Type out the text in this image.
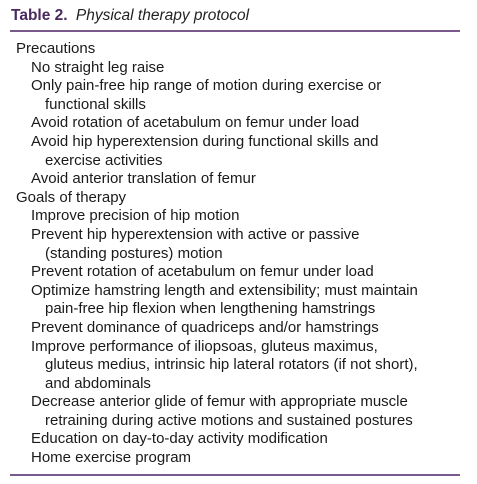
Table 2. Physical therapy protocol
Precautions
No straight leg raise
Only pain-free hip range of motion during exercise or
functional skills
Avoid rotation of acetabulum on femur under load
Avoid hip hyperextension during functional skills and
exercise activities
Avoid anterior translation of femur
Goals of therapy
Improve precision of hip motion
Prevent hip hyperextension with active or passive
(standing postures) motion
Prevent rotation of acetabulum on femur under load
Optimize hamstring length and extensibility; must maintain
pain-free hip flexion when lengthening hamstrings
Prevent dominance of quadriceps and/or hamstrings
Improve performance of iliopsoas, gluteus maximus,
gluteus medius, intrinsic hip lateral rotators (if not short),
and abdominals
Decrease anterior glide of femur with appropriate muscle
retraining during active motions and sustained postures
Education on day-to-day activity modification
Home exercise program
